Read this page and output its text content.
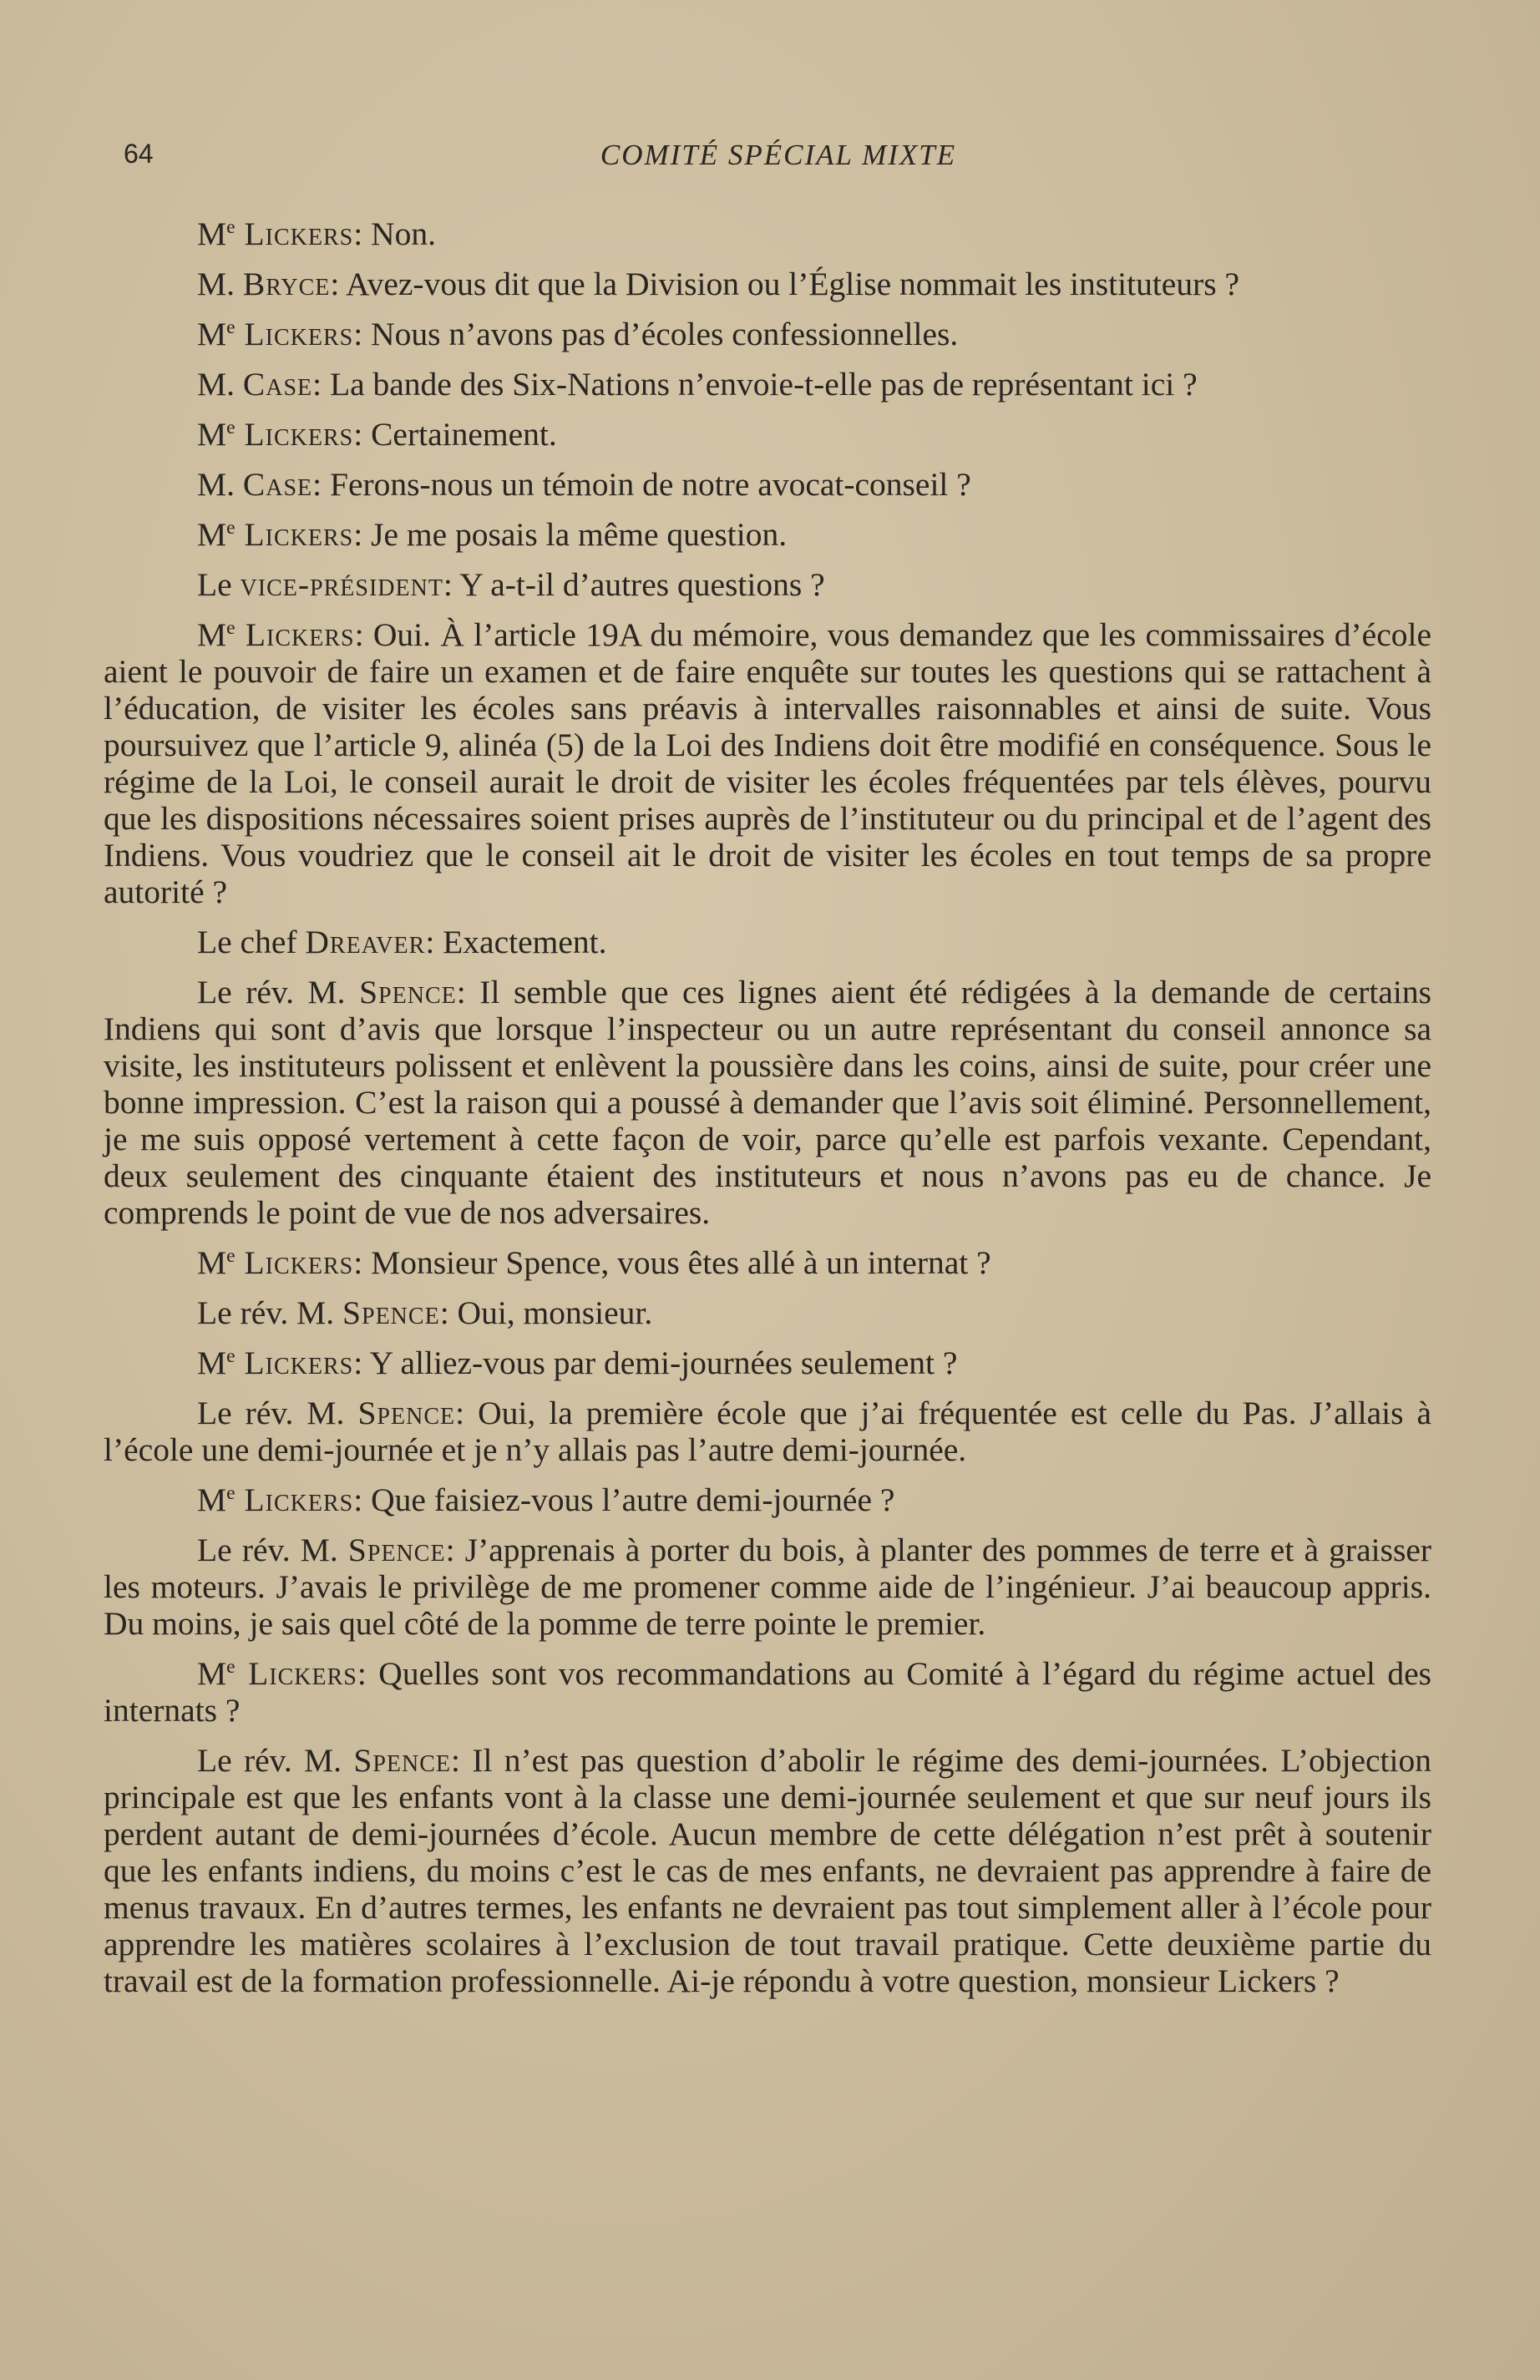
64	COMITÉ SPÉCIAL MIXTE

Me Lickers: Non.

M. Bryce: Avez-vous dit que la Division ou l’Église nommait les instituteurs ?

Me Lickers: Nous n’avons pas d’écoles confessionnelles.

M. Case: La bande des Six-Nations n’envoie-t-elle pas de représentant ici ?

Me Lickers: Certainement.

M. Case: Ferons-nous un témoin de notre avocat-conseil ?

Me Lickers: Je me posais la même question.

Le vice-président: Y a-t-il d’autres questions ?

Me Lickers: Oui. À l’article 19A du mémoire, vous demandez que les commissaires d’école aient le pouvoir de faire un examen et de faire enquête sur toutes les questions qui se rattachent à l’éducation, de visiter les écoles sans préavis à intervalles raisonnables et ainsi de suite. Vous poursuivez que l’article 9, alinéa (5) de la Loi des Indiens doit être modifié en conséquence. Sous le régime de la Loi, le conseil aurait le droit de visiter les écoles fréquentées par tels élèves, pourvu que les dispositions nécessaires soient prises auprès de l’instituteur ou du principal et de l’agent des Indiens. Vous voudriez que le conseil ait le droit de visiter les écoles en tout temps de sa propre autorité ?

Le chef Dreaver: Exactement.

Le rév. M. Spence: Il semble que ces lignes aient été rédigées à la demande de certains Indiens qui sont d’avis que lorsque l’inspecteur ou un autre représentant du conseil annonce sa visite, les instituteurs polissent et enlèvent la poussière dans les coins, ainsi de suite, pour créer une bonne impression. C’est la raison qui a poussé à demander que l’avis soit éliminé. Personnellement, je me suis opposé vertement à cette façon de voir, parce qu’elle est parfois vexante. Cependant, deux seulement des cinquante étaient des instituteurs et nous n’avons pas eu de chance. Je comprends le point de vue de nos adversaires.

Me Lickers: Monsieur Spence, vous êtes allé à un internat ?

Le rév. M. Spence: Oui, monsieur.

Me Lickers: Y alliez-vous par demi-journées seulement ?

Le rév. M. Spence: Oui, la première école que j’ai fréquentée est celle du Pas. J’allais à l’école une demi-journée et je n’y allais pas l’autre demi-journée.

Me Lickers: Que faisiez-vous l’autre demi-journée ?

Le rév. M. Spence: J’apprenais à porter du bois, à planter des pommes de terre et à graisser les moteurs. J’avais le privilège de me promener comme aide de l’ingénieur. J’ai beaucoup appris. Du moins, je sais quel côté de la pomme de terre pointe le premier.

Me Lickers: Quelles sont vos recommandations au Comité à l’égard du régime actuel des internats ?

Le rév. M. Spence: Il n’est pas question d’abolir le régime des demi-journées. L’objection principale est que les enfants vont à la classe une demi-journée seulement et que sur neuf jours ils perdent autant de demi-journées d’école. Aucun membre de cette délégation n’est prêt à soutenir que les enfants indiens, du moins c’est le cas de mes enfants, ne devraient pas apprendre à faire de menus travaux. En d’autres termes, les enfants ne devraient pas tout simplement aller à l’école pour apprendre les matières scolaires à l’exclusion de tout travail pratique. Cette deuxième partie du travail est de la formation professionnelle. Ai-je répondu à votre question, monsieur Lickers ?
